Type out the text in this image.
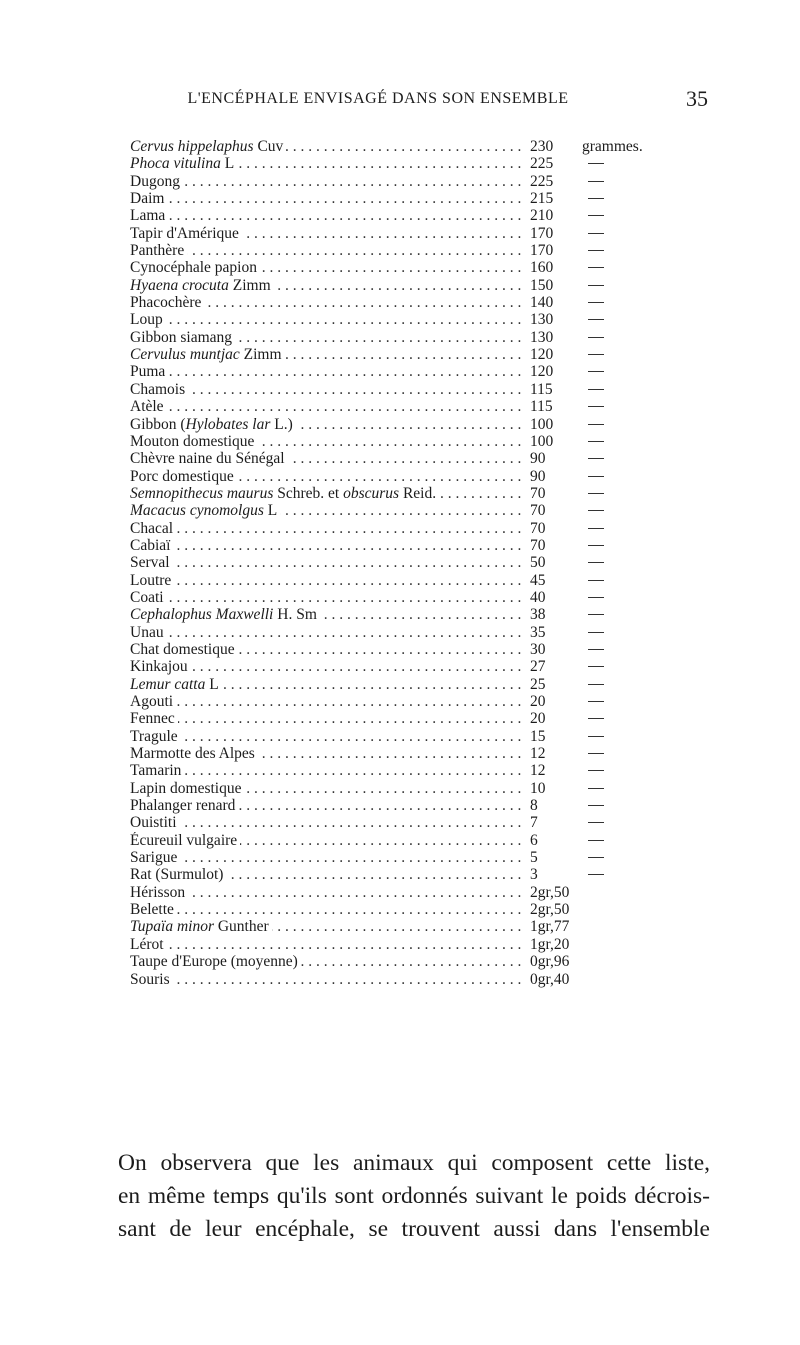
L'ENCÉPHALE ENVISAGÉ DANS SON ENSEMBLE	35
. . .
Cervus hippelaphus Cuv	230	grammes.
. . .
Phoca vitulina L	225
. . .
Dugong	225
. . .
Daim	215
. . .
Lama	210
. . .
Tapir d'Amérique	170
. . .
Panthère	170
. . .
Cynocéphale papion	160
. . .
Hyaena crocuta Zimm	150
. . .
Phacochère	140
. . .
Loup	130
. . .
Gibbon siamang	130
. . .
Cervulus muntjac Zimm	120
. . .
Puma	120
. . .
Chamois	115
. . .
Atèle	115
. . .
Gibbon (Hylobates lar L.)	100
. . .
Mouton domestique	100
. . .
Chèvre naine du Sénégal	90
. . .
Porc domestique	90
. . .
Semnopithecus maurus Schreb. et obscurus Reid.	70
. . .
Macacus cynomolgus L	70
. . .
Chacal	70
. . .
Cabiaï	70
. . .
Serval	50
. . .
Loutre	45
. . .
Coati	40
. . .
Cephalophus Maxwelli H. Sm	38
. . .
Unau	35
. . .
Chat domestique	30
. . .
Kinkajou	27
. . .
Lemur catta L	25
. . .
Agouti	20
. . .
Fennec	20
. . .
Tragule	15
. . .
Marmotte des Alpes	12
. . .
Tamarin	12
. . .
Lapin domestique	10
. . .
Phalanger renard	8
. . .
Ouistiti	7
. . .
Écureuil vulgaire	6
. . .
Sarigue	5
. . .
Rat (Surmulot)	3
. . .
Hérisson	2gr,50
. . .
Belette	2gr,50
. . .
Tupaïa minor Gunther	1gr,77
. . .
Lérot	1gr,20
. . .
Taupe d'Europe (moyenne)	0gr,96
. . .
Souris	0gr,40
On observera que les animaux qui composent cette liste,
en même temps qu'ils sont ordonnés suivant le poids décrois-
sant de leur encéphale, se trouvent aussi dans l'ensemble
